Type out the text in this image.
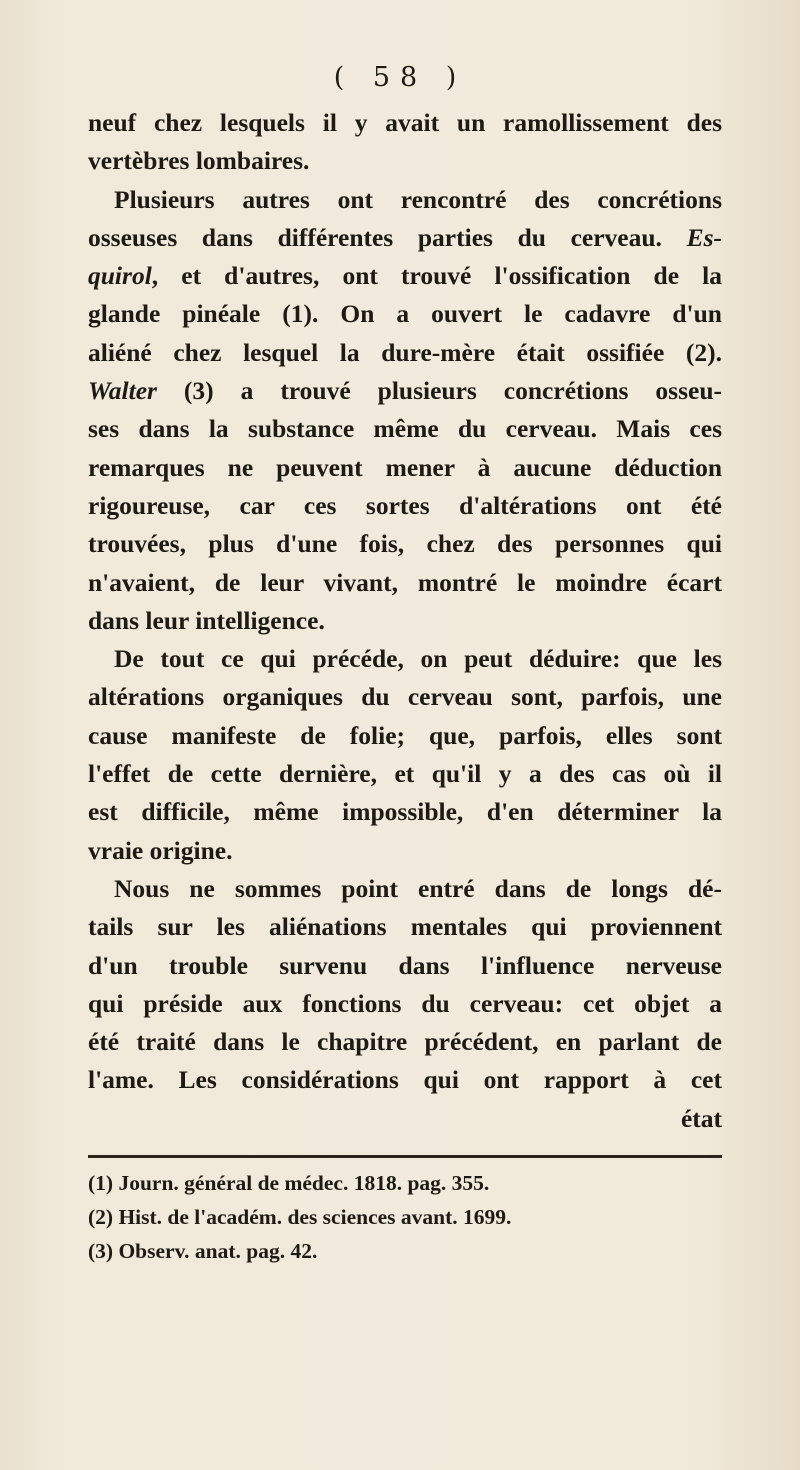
( 58 )
neuf chez lesquels il y avait un ramollissement des
vertèbres lombaires.
Plusieurs autres ont rencontré des concrétions
osseuses dans différentes parties du cerveau. Es-
quirol, et d'autres, ont trouvé l'ossification de la
glande pinéale (1). On a ouvert le cadavre d'un
aliéné chez lesquel la dure-mère était ossifiée (2).
Walter (3) a trouvé plusieurs concrétions osseu-
ses dans la substance même du cerveau. Mais ces
remarques ne peuvent mener à aucune déduction
rigoureuse, car ces sortes d'altérations ont été
trouvées, plus d'une fois, chez des personnes qui
n'avaient, de leur vivant, montré le moindre écart
dans leur intelligence.
De tout ce qui précéde, on peut déduire: que les
altérations organiques du cerveau sont, parfois, une
cause manifeste de folie; que, parfois, elles sont
l'effet de cette dernière, et qu'il y a des cas où il
est difficile, même impossible, d'en déterminer la
vraie origine.
Nous ne sommes point entré dans de longs dé-
tails sur les aliénations mentales qui proviennent
d'un trouble survenu dans l'influence nerveuse
qui préside aux fonctions du cerveau: cet objet a
été traité dans le chapitre précédent, en parlant de
l'ame. Les considérations qui ont rapport à cet
état
(1) Journ. général de médec. 1818. pag. 355.
(2) Hist. de l'académ. des sciences avant. 1699.
(3) Observ. anat. pag. 42.
